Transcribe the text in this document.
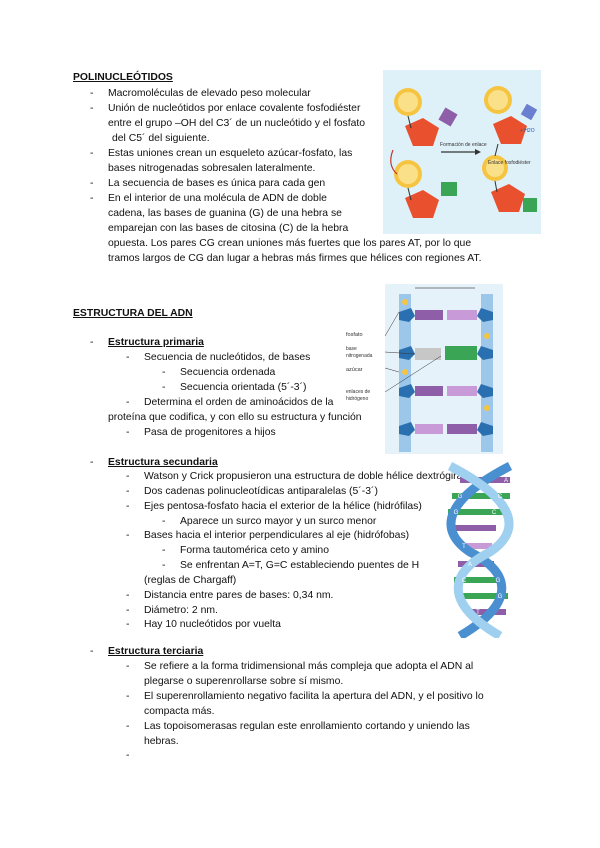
POLINUCLEÓTIDOS
- Macromoléculas de elevado peso molecular
- Unión de nucleótidos por enlace covalente fosfodiéster
entre el grupo –OH del C3´ de un nucleótido y el fosfato
del C5´ del siguiente.
- Estas uniones crean un esqueleto azúcar-fosfato, las
bases nitrogenadas sobresalen lateralmente.
- La secuencia de bases es única para cada gen
- En el interior de una molécula de ADN de doble
cadena, las bases de guanina (G) de una hebra se
emparejan con las bases de citosina (C) de la hebra
opuesta. Los pares CG crean uniones más fuertes que los pares AT, por lo que
tramos largos de CG dan lugar a hebras más firmes que hélices con regiones AT.
Formación de enlace
Enlace fosfodiéster
+ H2O
ESTRUCTURA DEL ADN
- Estructura primaria
- Secuencia de nucleótidos, de bases
- Secuencia ordenada
- Secuencia orientada (5´-3´)
- Determina el orden de aminoácidos de la
proteína que codifica, y con ello su estructura y función
- Pasa de progenitores a hijos
fosfato
base nitrogenada
azúcar
enlaces de hidrógeno
- Estructura secundaria
- Watson y Crick propusieron una estructura de doble hélice dextrógira
- Dos cadenas polinucleotídicas antiparalelas (5´-3´)
- Ejes pentosa-fosfato hacia el exterior de la hélice (hidrófilas)
- Aparece un surco mayor y un surco menor
- Bases hacia el interior perpendiculares al eje (hidrófobas)
- Forma tautomérica ceto y amino
- Se enfrentan A=T, G=C estableciendo puentes de H
(reglas de Chargaff)
- Distancia entre pares de bases: 0,34 nm.
- Diámetro: 2 nm.
- Hay 10 nucleótidos por vuelta
A
G	C
G	C
T
A
C	G
G
T
- Estructura terciaria
- Se refiere a la forma tridimensional más compleja que adopta el ADN al
plegarse o superenrollarse sobre sí mismo.
- El superenrollamiento negativo facilita la apertura del ADN, y el positivo lo
compacta más.
- Las topoisomerasas regulan este enrollamiento cortando y uniendo las
hebras.
-
